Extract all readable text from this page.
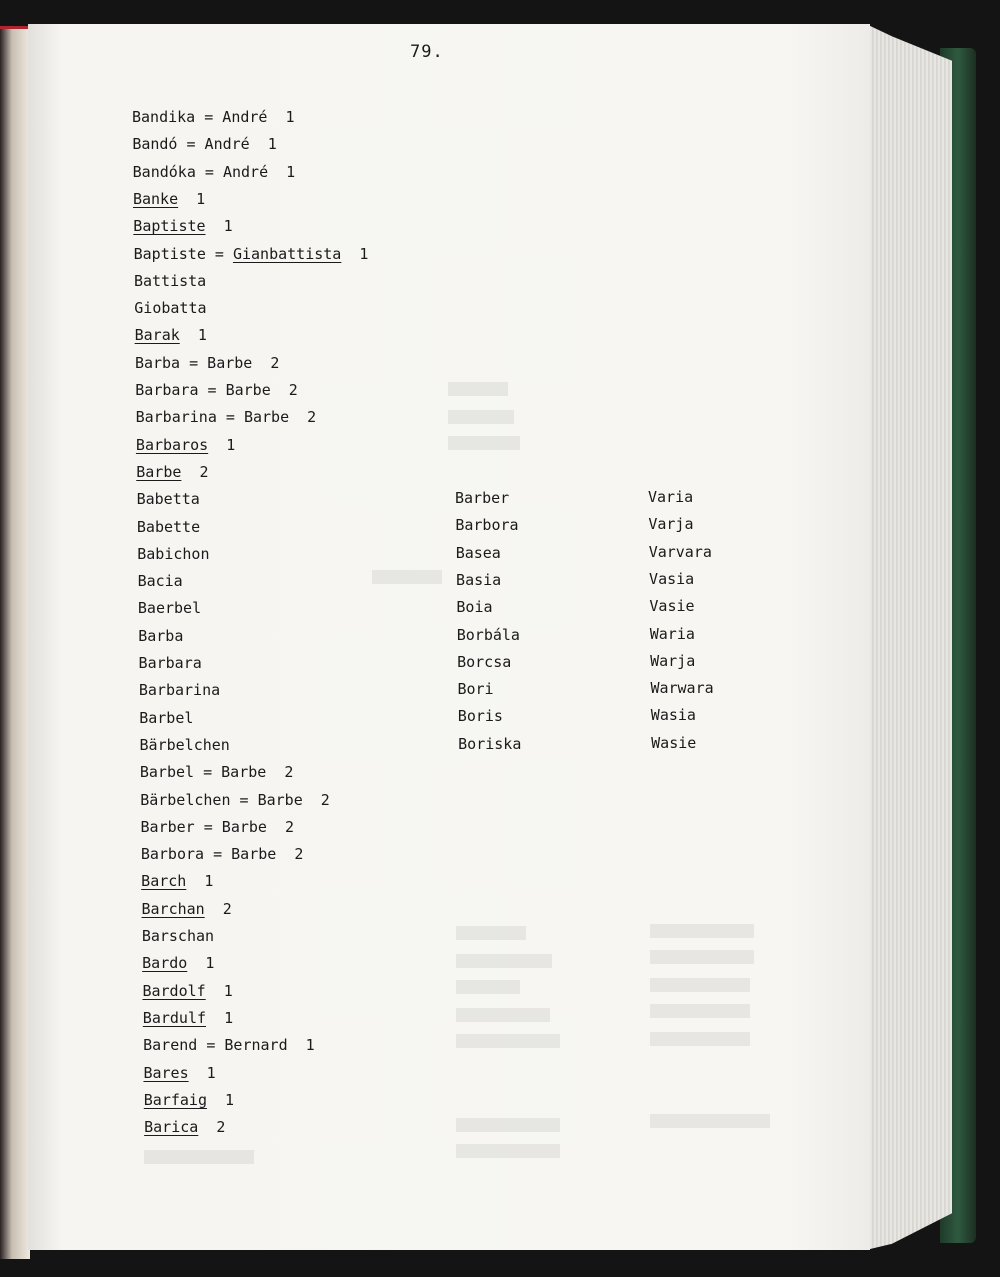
79.
Bandika = André  1
Bandó = André  1
Bandóka = André  1
Banke  1
Baptiste  1
Baptiste = Gianbattista  1
Battista
Giobatta
Barak  1
Barba = Barbe  2
Barbara = Barbe  2
Barbarina = Barbe  2
Barbaros  1
Barbe  2
Babetta
Babette
Babichon
Bacia
Baerbel
Barba
Barbara
Barbarina
Barbel
Bärbelchen
Barbel = Barbe  2
Bärbelchen = Barbe  2
Barber = Barbe  2
Barbora = Barbe  2
Barch  1
Barchan  2
Barschan
Bardo  1
Bardolf  1
Bardulf  1
Barend = Bernard  1
Bares  1
Barfaig  1
Barica  2
Barber
Barbora
Basea
Basia
Boia
Borbála
Borcsa
Bori
Boris
Boriska
Varia
Varja
Varvara
Vasia
Vasie
Waria
Warja
Warwara
Wasia
Wasie
